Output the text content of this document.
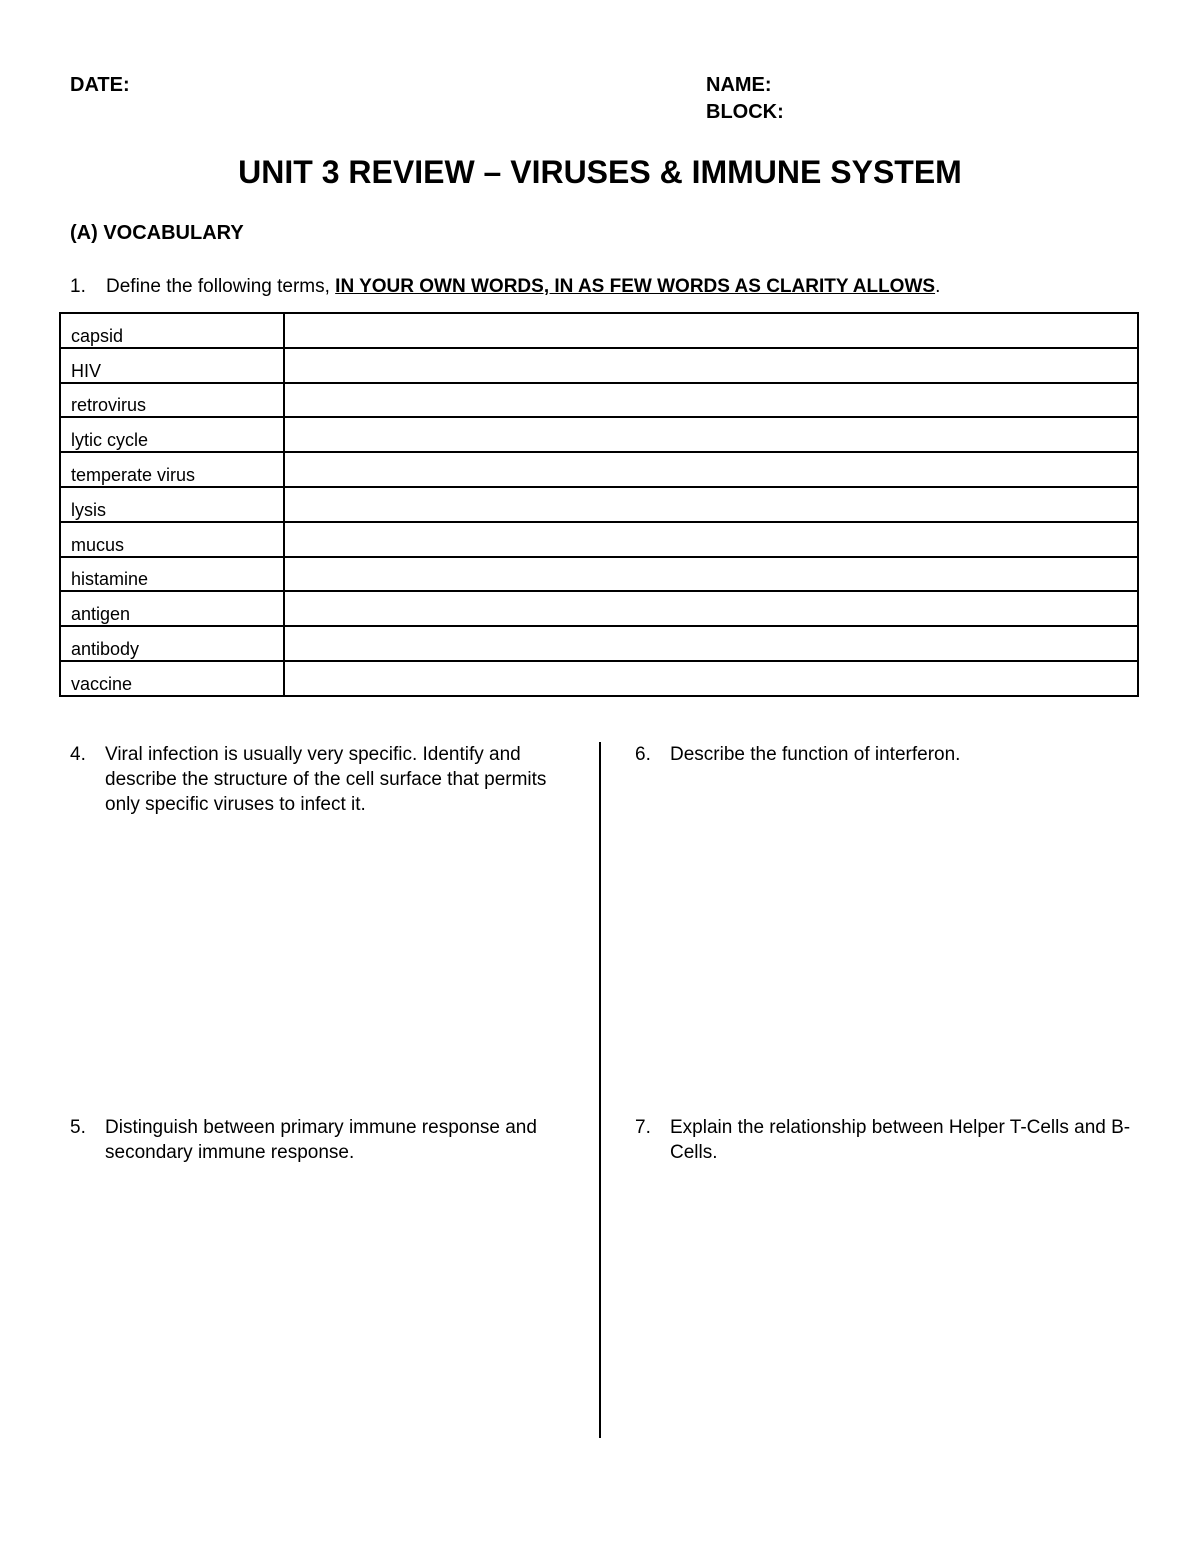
DATE:	NAME:
BLOCK:
UNIT 3 REVIEW – VIRUSES & IMMUNE SYSTEM
(A) VOCABULARY
1. Define the following terms, IN YOUR OWN WORDS, IN AS FEW WORDS AS CLARITY ALLOWS.
capsid	
HIV	
retrovirus	
lytic cycle	
temperate virus	
lysis	
mucus	
histamine	
antigen	
antibody	
vaccine	
4. Viral infection is usually very specific. Identify and describe the structure of the cell surface that permits only specific viruses to infect it.
5. Distinguish between primary immune response and secondary immune response.
6. Describe the function of interferon.
7. Explain the relationship between Helper T-Cells and B-Cells.
